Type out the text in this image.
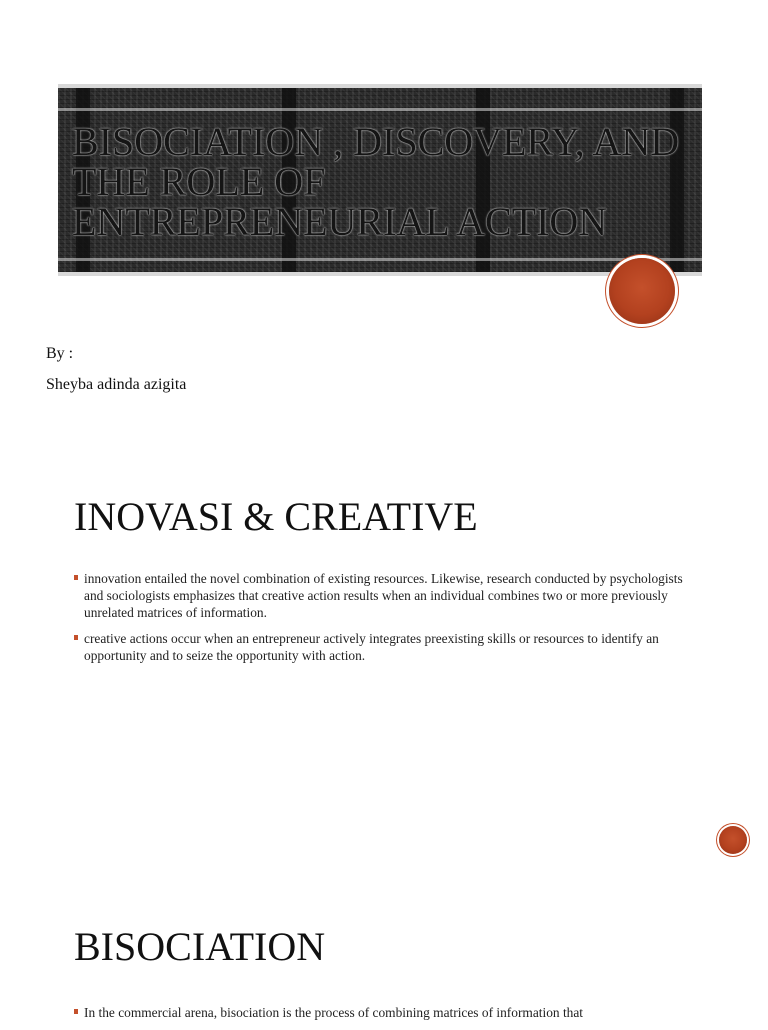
BISOCIATION , DISCOVERY, AND THE ROLE OF ENTREPRENEURIAL ACTION
By :
Sheyba adinda azigita
INOVASI & CREATIVE
innovation entailed the novel combination of existing resources. Likewise, research conducted by psychologists and sociologists emphasizes that creative action results when an individual combines two or more previously unrelated matrices of information.
creative actions occur when an entrepreneur actively integrates preexisting skills or resources to identify an opportunity and to seize the opportunity with action.
BISOCIATION
In the commercial arena, bisociation is the process of combining matrices of information that
